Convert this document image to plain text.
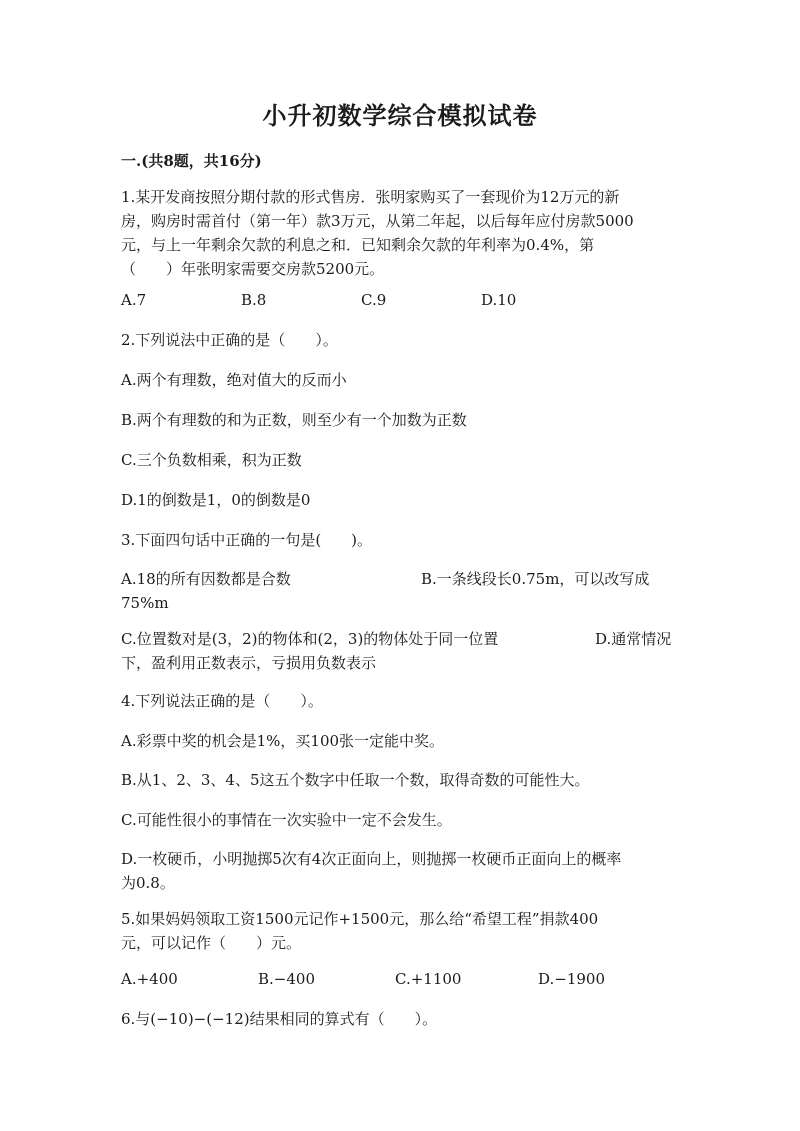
小升初数学综合模拟试卷
一.(共8题，共16分)
1.某开发商按照分期付款的形式售房．张明家购买了一套现价为12万元的新
房，购房时需首付（第一年）款3万元，从第二年起，以后每年应付房款5000
元，与上一年剩余欠款的利息之和．已知剩余欠款的年利率为0.4%，第
（　　）年张明家需要交房款5200元。
A.7	B.8	C.9	D.10
2.下列说法中正确的是（　　）。
A.两个有理数，绝对值大的反而小
B.两个有理数的和为正数，则至少有一个加数为正数
C.三个负数相乘，积为正数
D.1的倒数是1，0的倒数是0
3.下面四句话中正确的一句是(　　)。
A.18的所有因数都是合数	B.一条线段长0.75m，可以改写成
75%m
C.位置数对是(3，2)的物体和(2，3)的物体处于同一位置	D.通常情况
下，盈利用正数表示，亏损用负数表示
4.下列说法正确的是（　　）。
A.彩票中奖的机会是1%，买100张一定能中奖。
B.从1、2、3、4、5这五个数字中任取一个数，取得奇数的可能性大。
C.可能性很小的事情在一次实验中一定不会发生。
D.一枚硬币，小明抛掷5次有4次正面向上，则抛掷一枚硬币正面向上的概率
为0.8。
5.如果妈妈领取工资1500元记作+1500元，那么给“希望工程”捐款400
元，可以记作（　　）元。
A.+400	B.−400	C.+1100	D.−1900
6.与(−10)−(−12)结果相同的算式有（　　）。
